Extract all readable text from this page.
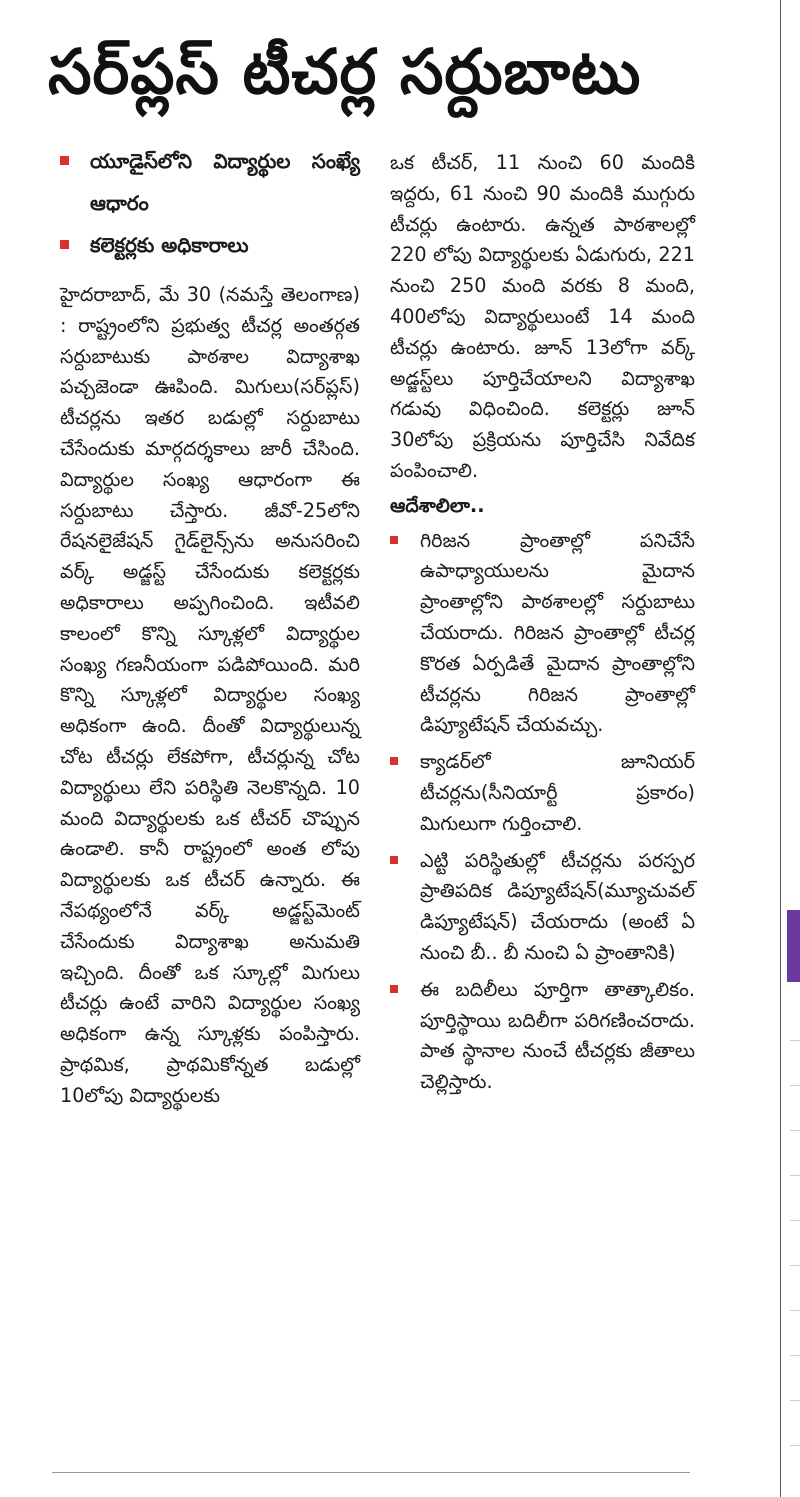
సర్‌ప్లస్‌ టీచర్ల సర్దుబాటు
యూడైస్‌లోని విద్యార్థుల సంఖ్యే ఆధారం
కలెక్టర్లకు అధికారాలు

హైదరాబాద్‌, మే 30 (నమస్తే తెలంగాణ) : రాష్ట్రంలోని ప్రభుత్వ టీచర్ల అంతర్గత సర్దుబాటుకు పాఠశాల విద్యాశాఖ పచ్చజెండా ఊపింది. మిగులు(సర్‌ప్లస్‌) టీచర్లను ఇతర బడుల్లో సర్దుబాటు చేసేందుకు మార్గదర్శకాలు జారీ చేసింది. విద్యార్థుల సంఖ్య ఆధారంగా ఈ సర్దుబాటు చేస్తారు. జీవో-25లోని రేషనలైజేషన్‌ గైడ్‌లైన్స్‌ను అనుసరించి వర్క్‌ అడ్జస్ట్‌ చేసేందుకు కలెక్టర్లకు అధికారాలు అప్పగించింది. ఇటీవలి కాలంలో కొన్ని స్కూళ్లలో విద్యార్థుల సంఖ్య గణనీయంగా పడిపోయింది. మరి కొన్ని స్కూళ్లలో విద్యార్థుల సంఖ్య అధికంగా ఉంది. దీంతో విద్యార్థులున్న చోట టీచర్లు లేకపోగా, టీచర్లున్న చోట విద్యార్థులు లేని పరిస్థితి నెలకొన్నది. 10 మంది విద్యార్థులకు ఒక టీచర్‌ చొప్పున ఉండాలి. కానీ రాష్ట్రంలో అంత లోపు విద్యార్థులకు ఒక టీచర్‌ ఉన్నారు. ఈ నేపథ్యంలోనే వర్క్‌ అడ్జస్ట్‌మెంట్‌ చేసేందుకు విద్యాశాఖ అనుమతి ఇచ్చింది. దీంతో ఒక స్కూల్లో మిగులు టీచర్లు ఉంటే వారిని విద్యార్థుల సంఖ్య అధికంగా ఉన్న స్కూళ్లకు పంపిస్తారు. ప్రాథమిక, ప్రాథమికోన్నత బడుల్లో 10లోపు విద్యార్థులకు

ఒక టీచర్‌, 11 నుంచి 60 మందికి ఇద్దరు, 61 నుంచి 90 మందికి ముగ్గురు టీచర్లు ఉంటారు. ఉన్నత పాఠశాలల్లో 220 లోపు విద్యార్థులకు ఏడుగురు, 221 నుంచి 250 మంది వరకు 8 మంది, 400లోపు విద్యార్థులుంటే 14 మంది టీచర్లు ఉంటారు. జూన్‌ 13లోగా వర్క్‌ అడ్జస్ట్‌లు పూర్తిచేయాలని విద్యాశాఖ గడువు విధించింది. కలెక్టర్లు జూన్‌ 30లోపు ప్రక్రియను పూర్తిచేసి నివేదిక పంపించాలి.

ఆదేశాలిలా..

గిరిజన ప్రాంతాల్లో పనిచేసే ఉపాధ్యాయులను మైదాన ప్రాంతాల్లోని పాఠశాలల్లో సర్దుబాటు చేయరాదు. గిరిజన ప్రాంతాల్లో టీచర్ల కొరత ఏర్పడితే మైదాన ప్రాంతాల్లోని టీచర్లను గిరిజన ప్రాంతాల్లో డిప్యూటేషన్‌ చేయవచ్చు.
క్యాడర్‌లో జూనియర్‌ టీచర్లను(సీనియార్టీ ప్రకారం) మిగులుగా గుర్తించాలి.
ఎట్టి పరిస్థితుల్లో టీచర్లను పరస్పర ప్రాతిపదిక డిప్యూటేషన్‌(మ్యూచువల్‌ డిప్యూటేషన్‌) చేయరాదు (అంటే ఏ నుంచి బీ.. బీ నుంచి ఏ ప్రాంతానికి)
ఈ బదిలీలు పూర్తిగా తాత్కాలికం. పూర్తిస్థాయి బదిలీగా పరిగణించరాదు. పాత స్థానాల నుంచే టీచర్లకు జీతాలు చెల్లిస్తారు.
